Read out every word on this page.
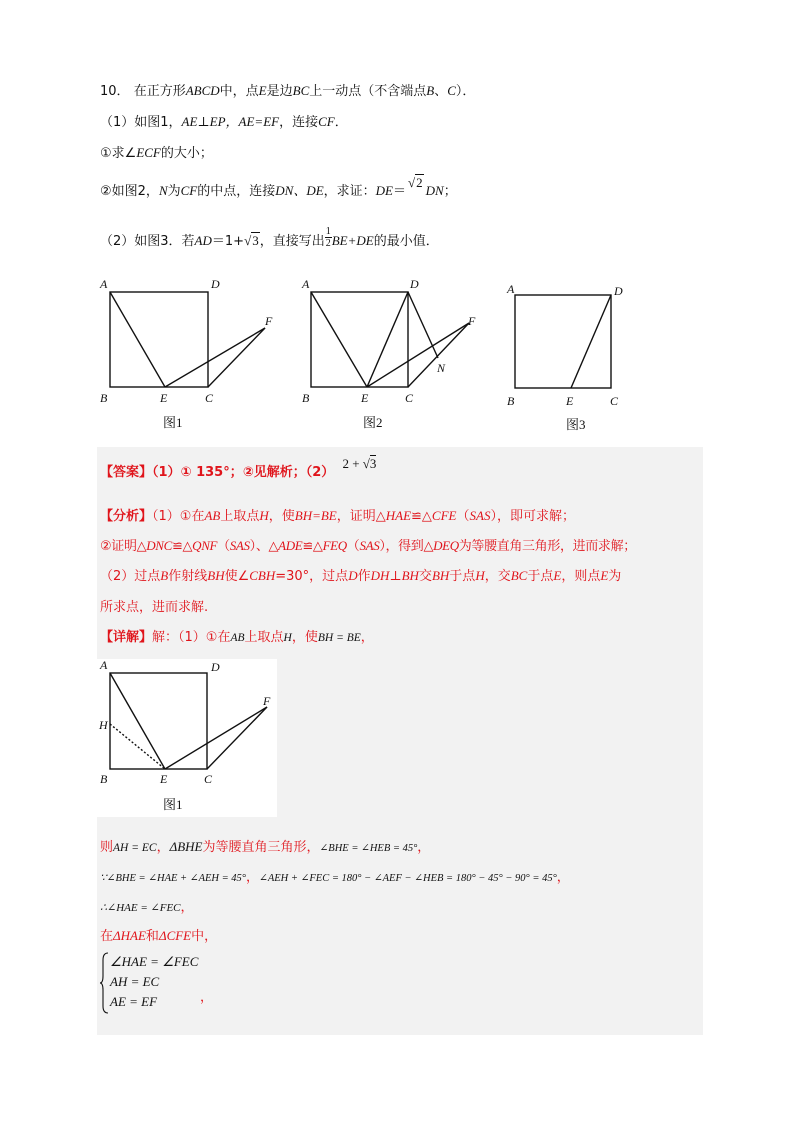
10． 在正方形ABCD中，点E是边BC上一动点（不含端点B、C）．
（1）如图1，AE⊥EP，AE=EF，连接CF．
①求∠ECF的大小；
②如图2，N为CF的中点，连接DN、DE，求证：DE＝√2DN；
（2）如图3．若AD＝1+√3，直接写出 $\frac{1}{2} BE+DE$的最小值．
A	D
B	E	C
F
图1
A	D
B	E	C
F
N
图2
A	D
B	E	C
图3
【答案】（1）① 135°；②见解析；（2） 2 + √3
【分析】（1）①在AB上取点H，使BH=BE，证明△HAE≌△CFE（SAS），即可求解；
②证明△DNC≌△QNF（SAS）、△ADE≌△FEQ（SAS），得到△DEQ为等腰直角三角形，进而求解；
（2）过点B作射线BH使∠CBH=30°，过点D作DH⊥BH交BH于点H，交BC于点E，则点E为
所求点，进而求解.
【详解】解：（1）①在AB上取点H，使BH = BE，
A	D
H
B	E	C
F
图1
则AH = EC，ΔBHE为等腰直角三角形，∠BHE = ∠HEB = 45°，
∵∠BHE = ∠HAE + ∠AEH = 45°，∠AEH + ∠FEC = 180° − ∠AEF − ∠HEB = 180° − 45° − 90° = 45°，
∴∠HAE = ∠FEC，
在ΔHAE和ΔCFE中，
∠HAE = ∠FEC
AH = EC
AE = EF	，
